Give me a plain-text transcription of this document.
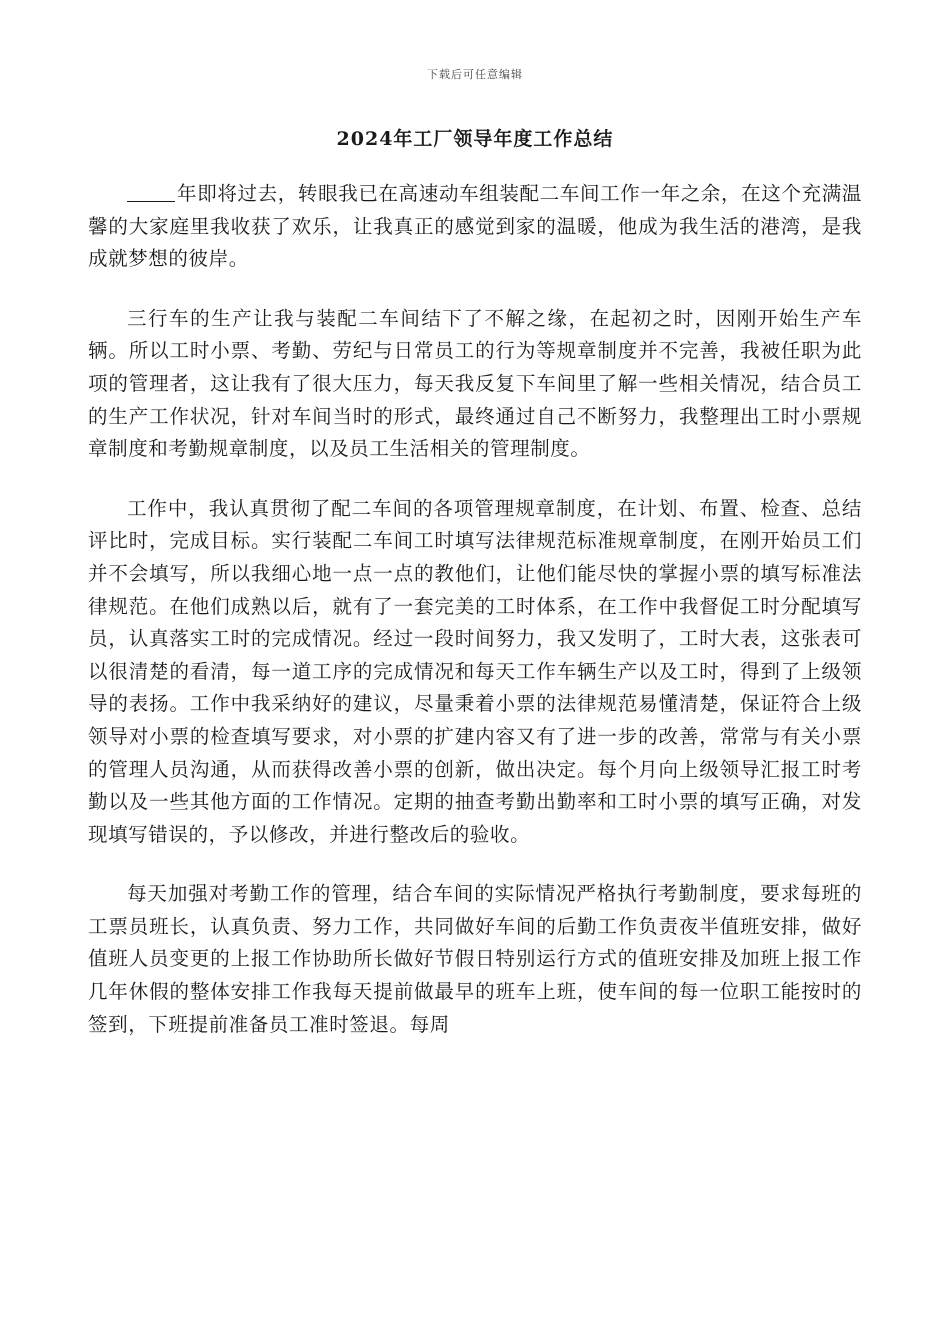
下载后可任意编辑
2024年工厂领导年度工作总结

年即将过去，转眼我已在高速动车组装配二车间工作一年之余，在这个充满温馨的大家庭里我收获了欢乐，让我真正的感觉到家的温暖，他成为我生活的港湾，是我成就梦想的彼岸。

三行车的生产让我与装配二车间结下了不解之缘，在起初之时，因刚开始生产车辆。所以工时小票、考勤、劳纪与日常员工的行为等规章制度并不完善，我被任职为此项的管理者，这让我有了很大压力，每天我反复下车间里了解一些相关情况，结合员工的生产工作状况，针对车间当时的形式，最终通过自己不断努力，我整理出工时小票规章制度和考勤规章制度，以及员工生活相关的管理制度。

工作中，我认真贯彻了配二车间的各项管理规章制度，在计划、布置、检查、总结评比时，完成目标。实行装配二车间工时填写法律规范标准规章制度，在刚开始员工们并不会填写，所以我细心地一点一点的教他们，让他们能尽快的掌握小票的填写标准法律规范。在他们成熟以后，就有了一套完美的工时体系，在工作中我督促工时分配填写员，认真落实工时的完成情况。经过一段时间努力，我又发明了，工时大表，这张表可以很清楚的看清，每一道工序的完成情况和每天工作车辆生产以及工时，得到了上级领导的表扬。工作中我采纳好的建议，尽量秉着小票的法律规范易懂清楚，保证符合上级领导对小票的检查填写要求，对小票的扩建内容又有了进一步的改善，常常与有关小票的管理人员沟通，从而获得改善小票的创新，做出决定。每个月向上级领导汇报工时考勤以及一些其他方面的工作情况。定期的抽查考勤出勤率和工时小票的填写正确，对发现填写错误的，予以修改，并进行整改后的验收。

每天加强对考勤工作的管理，结合车间的实际情况严格执行考勤制度，要求每班的工票员班长，认真负责、努力工作，共同做好车间的后勤工作负责夜半值班安排，做好值班人员变更的上报工作协助所长做好节假日特别运行方式的值班安排及加班上报工作几年休假的整体安排工作我每天提前做最早的班车上班，使车间的每一位职工能按时的签到，下班提前准备员工准时签退。每周
